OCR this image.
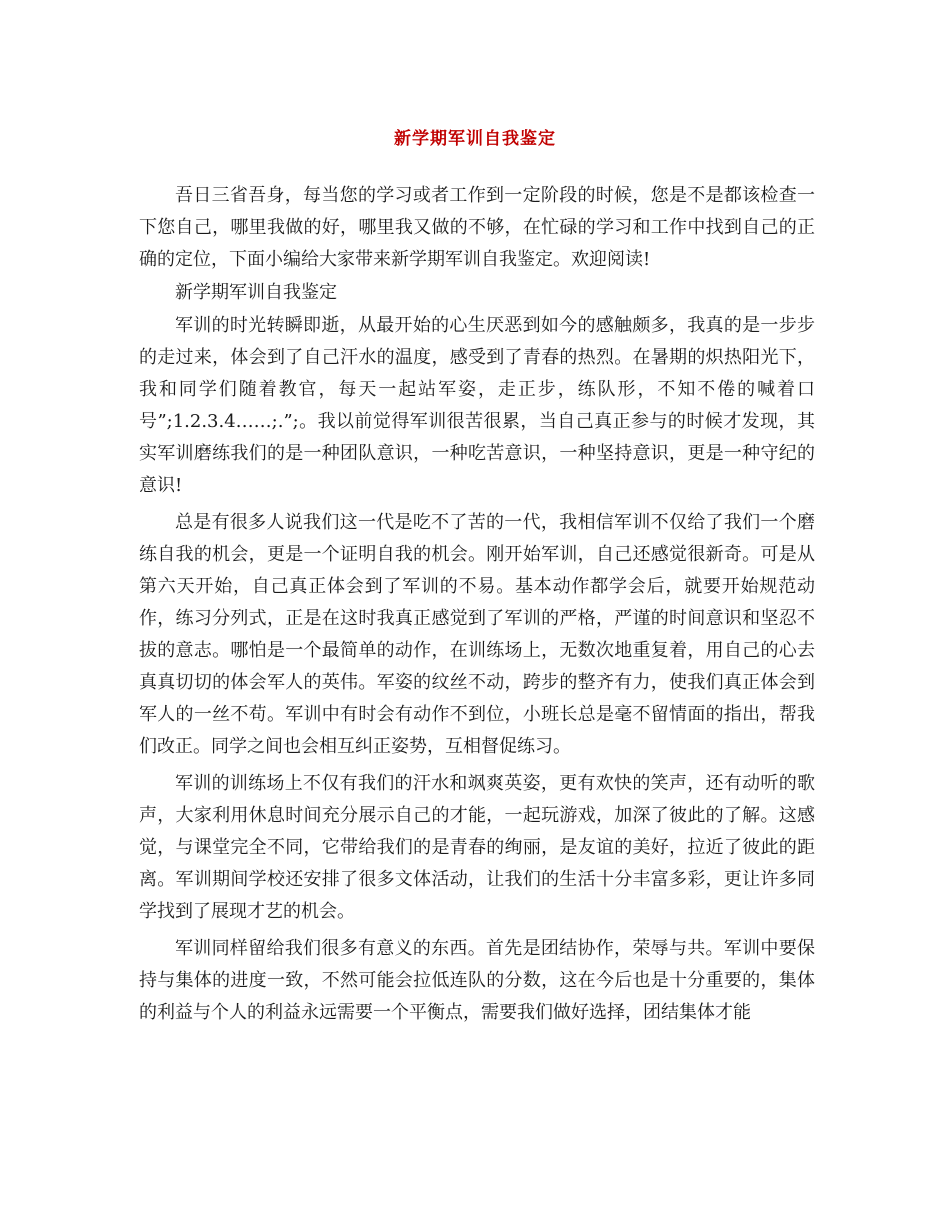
新学期军训自我鉴定

吾日三省吾身，每当您的学习或者工作到一定阶段的时候，您是不是都该检查一下您自己，哪里我做的好，哪里我又做的不够，在忙碌的学习和工作中找到自己的正确的定位，下面小编给大家带来新学期军训自我鉴定。欢迎阅读!

新学期军训自我鉴定

军训的时光转瞬即逝，从最开始的心生厌恶到如今的感触颇多，我真的是一步步的走过来，体会到了自己汗水的温度，感受到了青春的热烈。在暑期的炽热阳光下，我和同学们随着教官，每天一起站军姿，走正步，练队形，不知不倦的喊着口号”;1.2.3.4……;.”;。我以前觉得军训很苦很累，当自己真正参与的时候才发现，其实军训磨练我们的是一种团队意识，一种吃苦意识，一种坚持意识，更是一种守纪的意识!

总是有很多人说我们这一代是吃不了苦的一代，我相信军训不仅给了我们一个磨练自我的机会，更是一个证明自我的机会。刚开始军训，自己还感觉很新奇。可是从第六天开始，自己真正体会到了军训的不易。基本动作都学会后，就要开始规范动作，练习分列式，正是在这时我真正感觉到了军训的严格，严谨的时间意识和坚忍不拔的意志。哪怕是一个最简单的动作，在训练场上，无数次地重复着，用自己的心去真真切切的体会军人的英伟。军姿的纹丝不动，跨步的整齐有力，使我们真正体会到军人的一丝不苟。军训中有时会有动作不到位，小班长总是毫不留情面的指出，帮我们改正。同学之间也会相互纠正姿势，互相督促练习。

军训的训练场上不仅有我们的汗水和飒爽英姿，更有欢快的笑声，还有动听的歌声，大家利用休息时间充分展示自己的才能，一起玩游戏，加深了彼此的了解。这感觉，与课堂完全不同，它带给我们的是青春的绚丽，是友谊的美好，拉近了彼此的距离。军训期间学校还安排了很多文体活动，让我们的生活十分丰富多彩，更让许多同学找到了展现才艺的机会。

军训同样留给我们很多有意义的东西。首先是团结协作，荣辱与共。军训中要保持与集体的进度一致，不然可能会拉低连队的分数，这在今后也是十分重要的，集体的利益与个人的利益永远需要一个平衡点，需要我们做好选择，团结集体才能
